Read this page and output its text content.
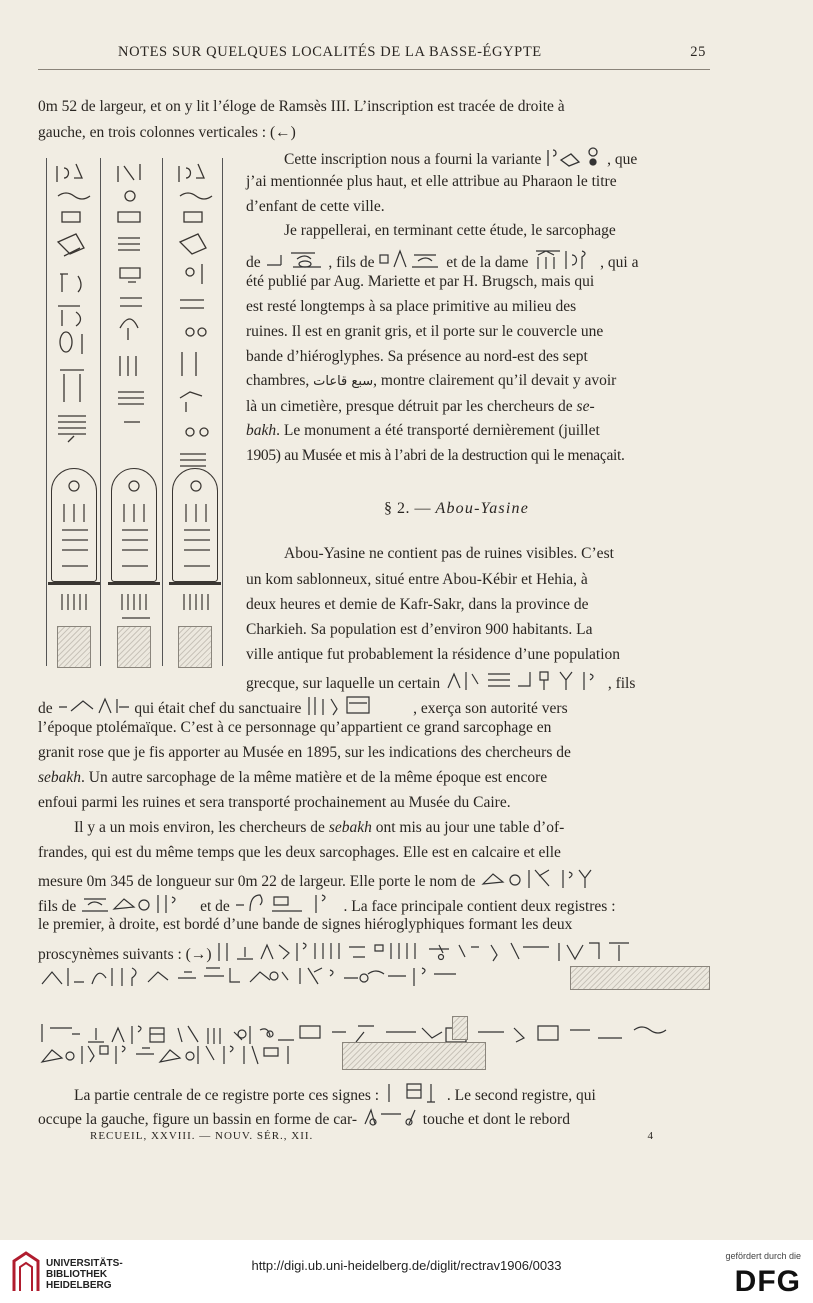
NOTES SUR QUELQUES LOCALITÉS DE LA BASSE-ÉGYPTE	25
0m 52 de largeur, et on y lit l’éloge de Ramsès III. L’inscription est tracée de droite à
gauche, en trois colonnes verticales : (←)
Cette inscription nous a fourni la variante	, que
j’ai mentionnée plus haut, et elle attribue au Pharaon le titre
d’enfant de cette ville.
Je rappellerai, en terminant cette étude, le sarcophage
de	, fils de	et de la dame	, qui a
été publié par Aug. Mariette et par H. Brugsch, mais qui
est resté longtemps à sa place primitive au milieu des
ruines. Il est en granit gris, et il porte sur le couvercle une
bande d’hiéroglyphes. Sa présence au nord-est des sept
chambres, سبع قاعات, montre clairement qu’il devait y avoir
là un cimetière, presque détruit par les chercheurs de se-
bakh. Le monument a été transporté dernièrement (juillet
1905) au Musée et mis à l’abri de la destruction qui le menaçait.
§ 2. — Abou-Yasine
Abou-Yasine ne contient pas de ruines visibles. C’est
un kom sablonneux, situé entre Abou-Kébir et Hehia, à
deux heures et demie de Kafr-Sakr, dans la province de
Charkieh. Sa population est d’environ 900 habitants. La
ville antique fut probablement la résidence d’une population
grecque, sur laquelle un certain	, fils
de	qui était chef du sanctuaire	, exerça son autorité vers
l’époque ptolémaïque. C’est à ce personnage qu’appartient ce grand sarcophage en
granit rose que je fis apporter au Musée en 1895, sur les indications des chercheurs de
sebakh. Un autre sarcophage de la même matière et de la même époque est encore
enfoui parmi les ruines et sera transporté prochainement au Musée du Caire.
Il y a un mois environ, les chercheurs de sebakh ont mis au jour une table d’of-
frandes, qui est du même temps que les deux sarcophages. Elle est en calcaire et elle
mesure 0m 345 de longueur sur 0m 22 de largeur. Elle porte le nom de
fils de	et de	. La face principale contient deux registres :
le premier, à droite, est bordé d’une bande de signes hiéroglyphiques formant les deux
proscynèmes suivants : (→)
La partie centrale de ce registre porte ces signes :	. Le second registre, qui
occupe la gauche, figure un bassin en forme de car-	touche et dont le rebord
RECUEIL, XXVIII. — NOUV. SÉR., XII.	4
UNIVERSITÄTS-
BIBLIOTHEK
HEIDELBERG
http://digi.ub.uni-heidelberg.de/diglit/rectrav1906/0033
gefördert durch die
DFG
